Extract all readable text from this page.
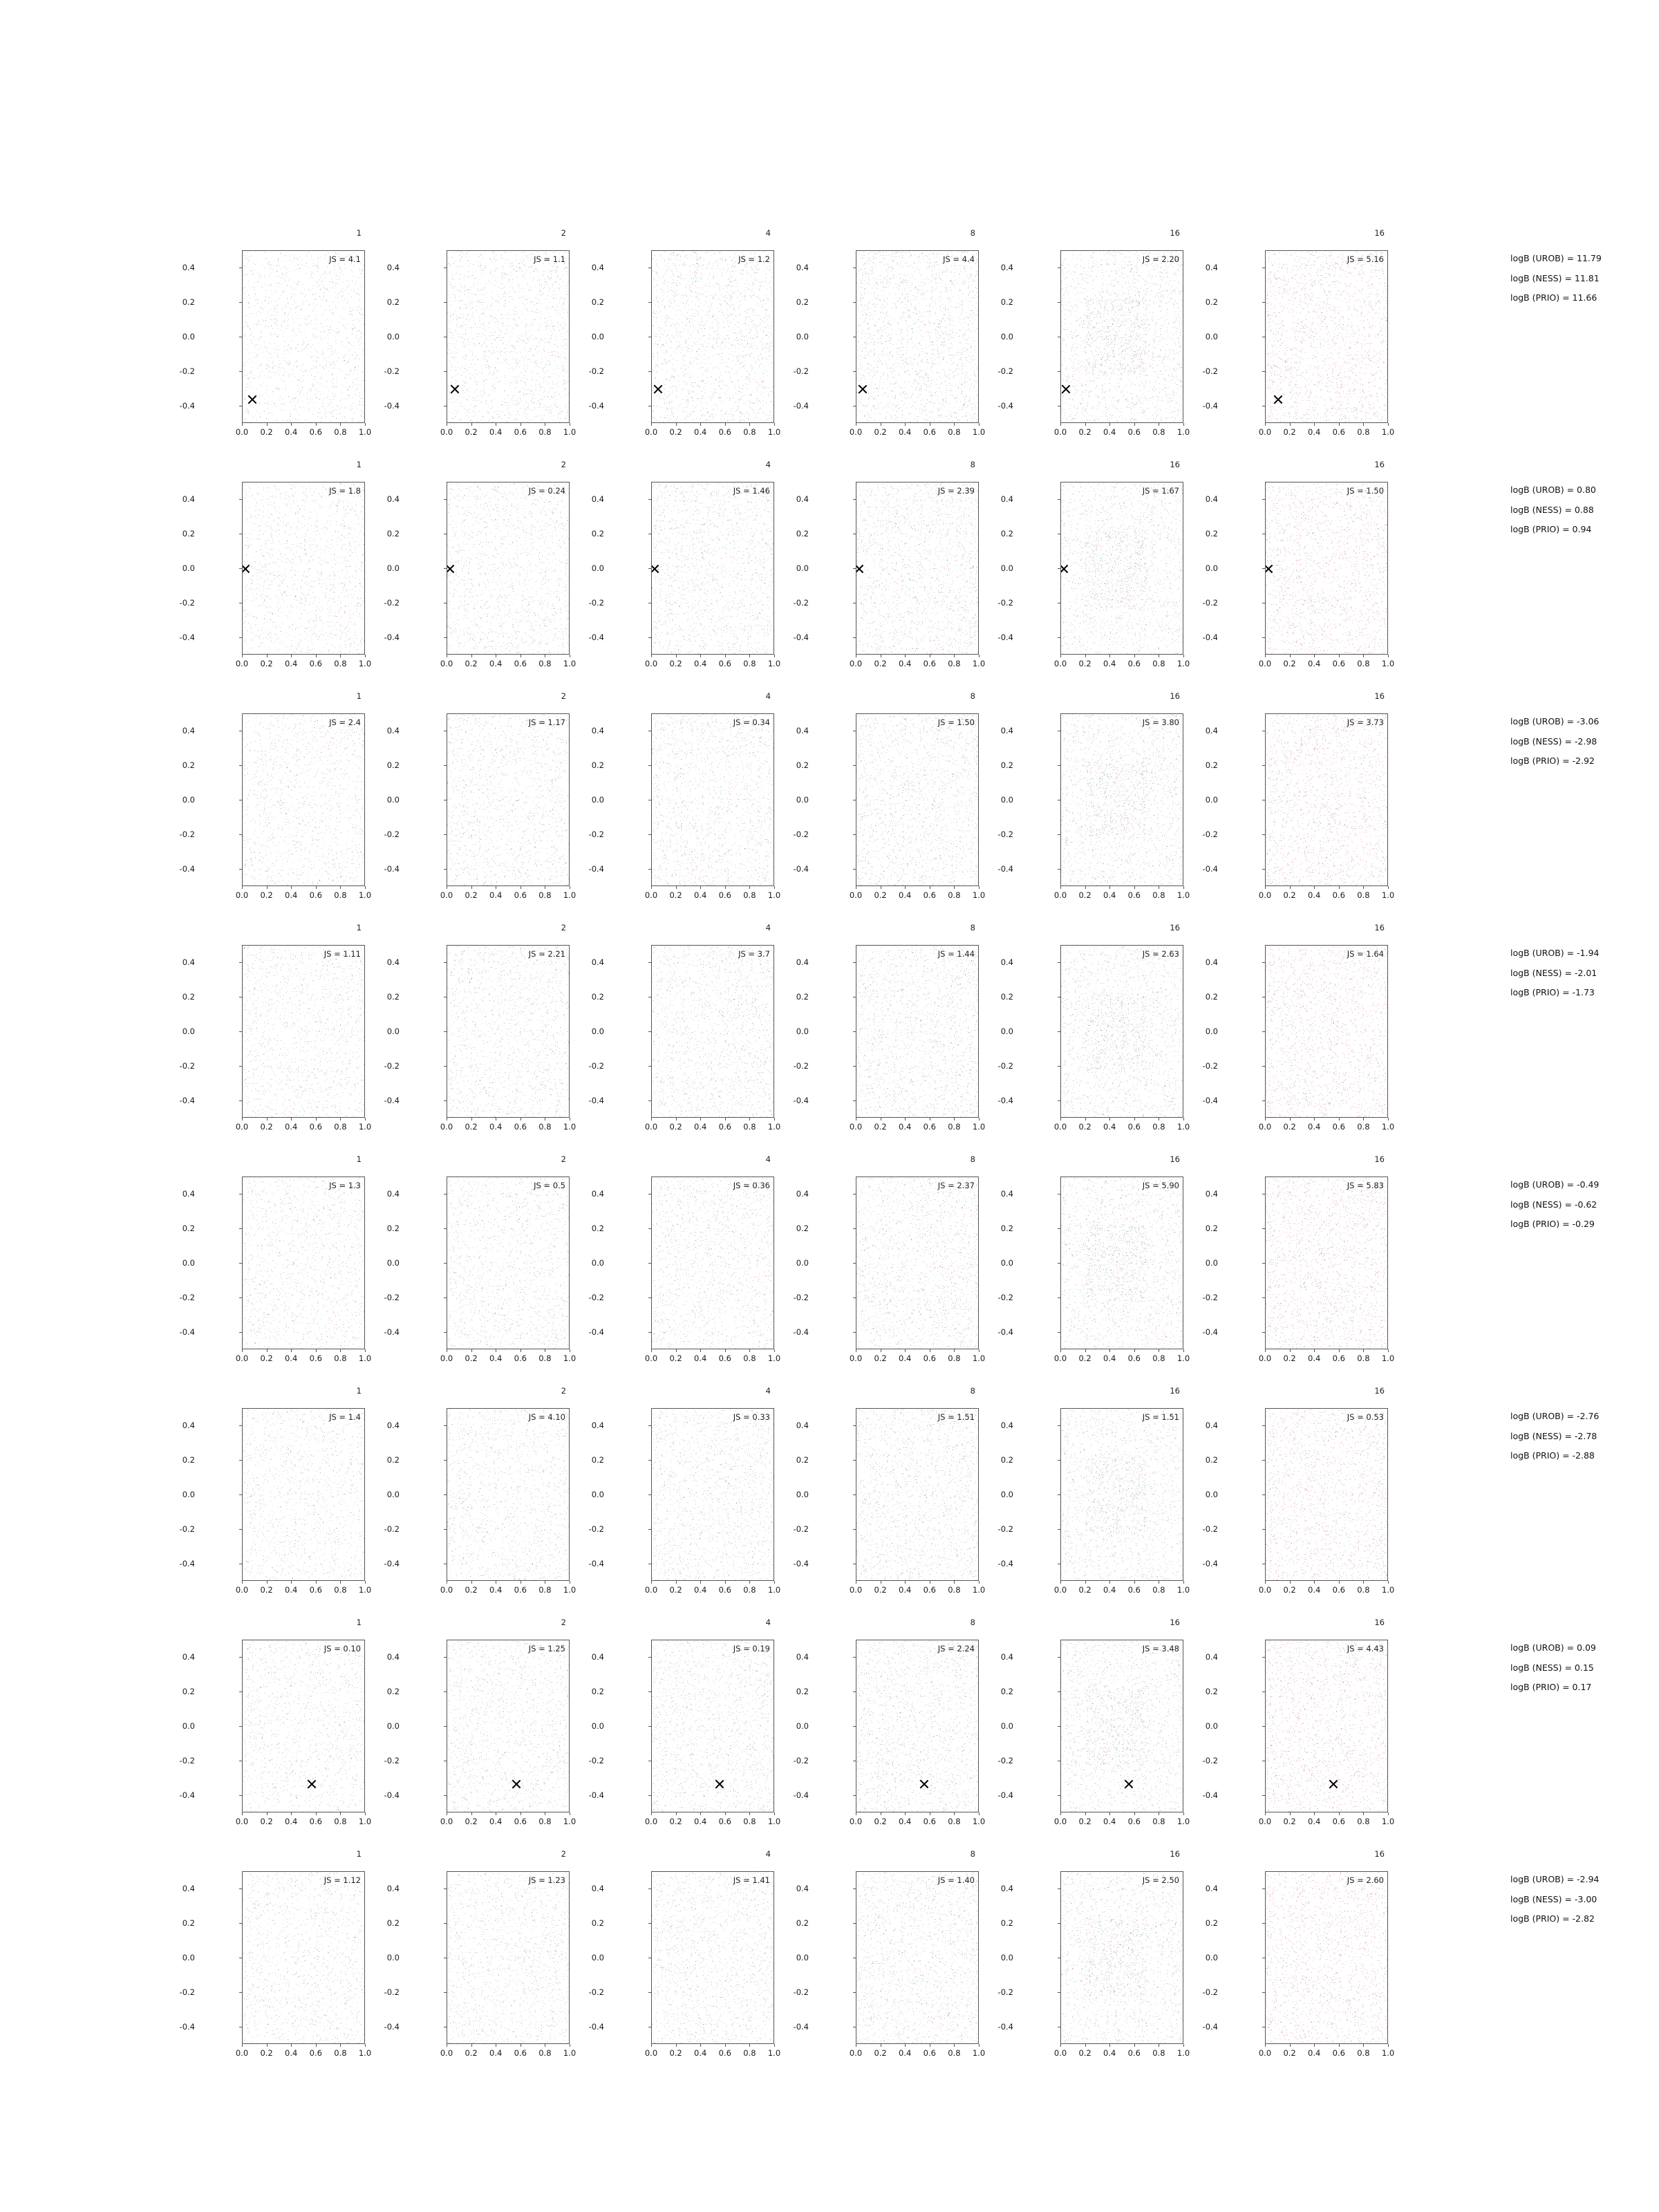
-0.4
-0.2
0.0
0.2
0.4
0.0	0.2	0.4	0.6	0.8	1.0
JS = 4.1
1
-0.4
-0.2
0.0
0.2
0.4
0.0	0.2	0.4	0.6	0.8	1.0
JS = 1.1
2
-0.4
-0.2
0.0
0.2
0.4
0.0	0.2	0.4	0.6	0.8	1.0
JS = 1.2
4
-0.4
-0.2
0.0
0.2
0.4
0.0	0.2	0.4	0.6	0.8	1.0
JS = 4.4
8
-0.4
-0.2
0.0
0.2
0.4
0.0	0.2	0.4	0.6	0.8	1.0
JS = 2.20
16
-0.4
-0.2
0.0
0.2
0.4
0.0	0.2	0.4	0.6	0.8	1.0
JS = 5.16
16
-0.4
-0.2
0.0
0.2
0.4
0.0	0.2	0.4	0.6	0.8	1.0
JS = 1.8
1
-0.4
-0.2
0.0
0.2
0.4
0.0	0.2	0.4	0.6	0.8	1.0
JS = 0.24
2
-0.4
-0.2
0.0
0.2
0.4
0.0	0.2	0.4	0.6	0.8	1.0
JS = 1.46
4
-0.4
-0.2
0.0
0.2
0.4
0.0	0.2	0.4	0.6	0.8	1.0
JS = 2.39
8
-0.4
-0.2
0.0
0.2
0.4
0.0	0.2	0.4	0.6	0.8	1.0
JS = 1.67
16
-0.4
-0.2
0.0
0.2
0.4
0.0	0.2	0.4	0.6	0.8	1.0
JS = 1.50
16
-0.4
-0.2
0.0
0.2
0.4
0.0	0.2	0.4	0.6	0.8	1.0
JS = 2.4
1
-0.4
-0.2
0.0
0.2
0.4
0.0	0.2	0.4	0.6	0.8	1.0
JS = 1.17
2
-0.4
-0.2
0.0
0.2
0.4
0.0	0.2	0.4	0.6	0.8	1.0
JS = 0.34
4
-0.4
-0.2
0.0
0.2
0.4
0.0	0.2	0.4	0.6	0.8	1.0
JS = 1.50
8
-0.4
-0.2
0.0
0.2
0.4
0.0	0.2	0.4	0.6	0.8	1.0
JS = 3.80
16
-0.4
-0.2
0.0
0.2
0.4
0.0	0.2	0.4	0.6	0.8	1.0
JS = 3.73
16
-0.4
-0.2
0.0
0.2
0.4
0.0	0.2	0.4	0.6	0.8	1.0
JS = 1.11
1
-0.4
-0.2
0.0
0.2
0.4
0.0	0.2	0.4	0.6	0.8	1.0
JS = 2.21
2
-0.4
-0.2
0.0
0.2
0.4
0.0	0.2	0.4	0.6	0.8	1.0
JS = 3.7
4
-0.4
-0.2
0.0
0.2
0.4
0.0	0.2	0.4	0.6	0.8	1.0
JS = 1.44
8
-0.4
-0.2
0.0
0.2
0.4
0.0	0.2	0.4	0.6	0.8	1.0
JS = 2.63
16
-0.4
-0.2
0.0
0.2
0.4
0.0	0.2	0.4	0.6	0.8	1.0
JS = 1.64
16
-0.4
-0.2
0.0
0.2
0.4
0.0	0.2	0.4	0.6	0.8	1.0
JS = 1.3
1
-0.4
-0.2
0.0
0.2
0.4
0.0	0.2	0.4	0.6	0.8	1.0
JS = 0.5
2
-0.4
-0.2
0.0
0.2
0.4
0.0	0.2	0.4	0.6	0.8	1.0
JS = 0.36
4
-0.4
-0.2
0.0
0.2
0.4
0.0	0.2	0.4	0.6	0.8	1.0
JS = 2.37
8
-0.4
-0.2
0.0
0.2
0.4
0.0	0.2	0.4	0.6	0.8	1.0
JS = 5.90
16
-0.4
-0.2
0.0
0.2
0.4
0.0	0.2	0.4	0.6	0.8	1.0
JS = 5.83
16
-0.4
-0.2
0.0
0.2
0.4
0.0	0.2	0.4	0.6	0.8	1.0
JS = 1.4
1
-0.4
-0.2
0.0
0.2
0.4
0.0	0.2	0.4	0.6	0.8	1.0
JS = 4.10
2
-0.4
-0.2
0.0
0.2
0.4
0.0	0.2	0.4	0.6	0.8	1.0
JS = 0.33
4
-0.4
-0.2
0.0
0.2
0.4
0.0	0.2	0.4	0.6	0.8	1.0
JS = 1.51
8
-0.4
-0.2
0.0
0.2
0.4
0.0	0.2	0.4	0.6	0.8	1.0
JS = 1.51
16
-0.4
-0.2
0.0
0.2
0.4
0.0	0.2	0.4	0.6	0.8	1.0
JS = 0.53
16
-0.4
-0.2
0.0
0.2
0.4
0.0	0.2	0.4	0.6	0.8	1.0
JS = 0.10
1
-0.4
-0.2
0.0
0.2
0.4
0.0	0.2	0.4	0.6	0.8	1.0
JS = 1.25
2
-0.4
-0.2
0.0
0.2
0.4
0.0	0.2	0.4	0.6	0.8	1.0
JS = 0.19
4
-0.4
-0.2
0.0
0.2
0.4
0.0	0.2	0.4	0.6	0.8	1.0
JS = 2.24
8
-0.4
-0.2
0.0
0.2
0.4
0.0	0.2	0.4	0.6	0.8	1.0
JS = 3.48
16
-0.4
-0.2
0.0
0.2
0.4
0.0	0.2	0.4	0.6	0.8	1.0
JS = 4.43
16
-0.4
-0.2
0.0
0.2
0.4
0.0	0.2	0.4	0.6	0.8	1.0
JS = 1.12
1
-0.4
-0.2
0.0
0.2
0.4
0.0	0.2	0.4	0.6	0.8	1.0
JS = 1.23
2
-0.4
-0.2
0.0
0.2
0.4
0.0	0.2	0.4	0.6	0.8	1.0
JS = 1.41
4
-0.4
-0.2
0.0
0.2
0.4
0.0	0.2	0.4	0.6	0.8	1.0
JS = 1.40
8
-0.4
-0.2
0.0
0.2
0.4
0.0	0.2	0.4	0.6	0.8	1.0
JS = 2.50
16
-0.4
-0.2
0.0
0.2
0.4
0.0	0.2	0.4	0.6	0.8	1.0
JS = 2.60
16
logB (UROB) = 11.79
logB (NESS) = 11.81
logB (PRIO) = 11.66
logB (UROB) = 0.80
logB (NESS) = 0.88
logB (PRIO) = 0.94
logB (UROB) = -3.06
logB (NESS) = -2.98
logB (PRIO) = -2.92
logB (UROB) = -1.94
logB (NESS) = -2.01
logB (PRIO) = -1.73
logB (UROB) = -0.49
logB (NESS) = -0.62
logB (PRIO) = -0.29
logB (UROB) = -2.76
logB (NESS) = -2.78
logB (PRIO) = -2.88
logB (UROB) = 0.09
logB (NESS) = 0.15
logB (PRIO) = 0.17
logB (UROB) = -2.94
logB (NESS) = -3.00
logB (PRIO) = -2.82
